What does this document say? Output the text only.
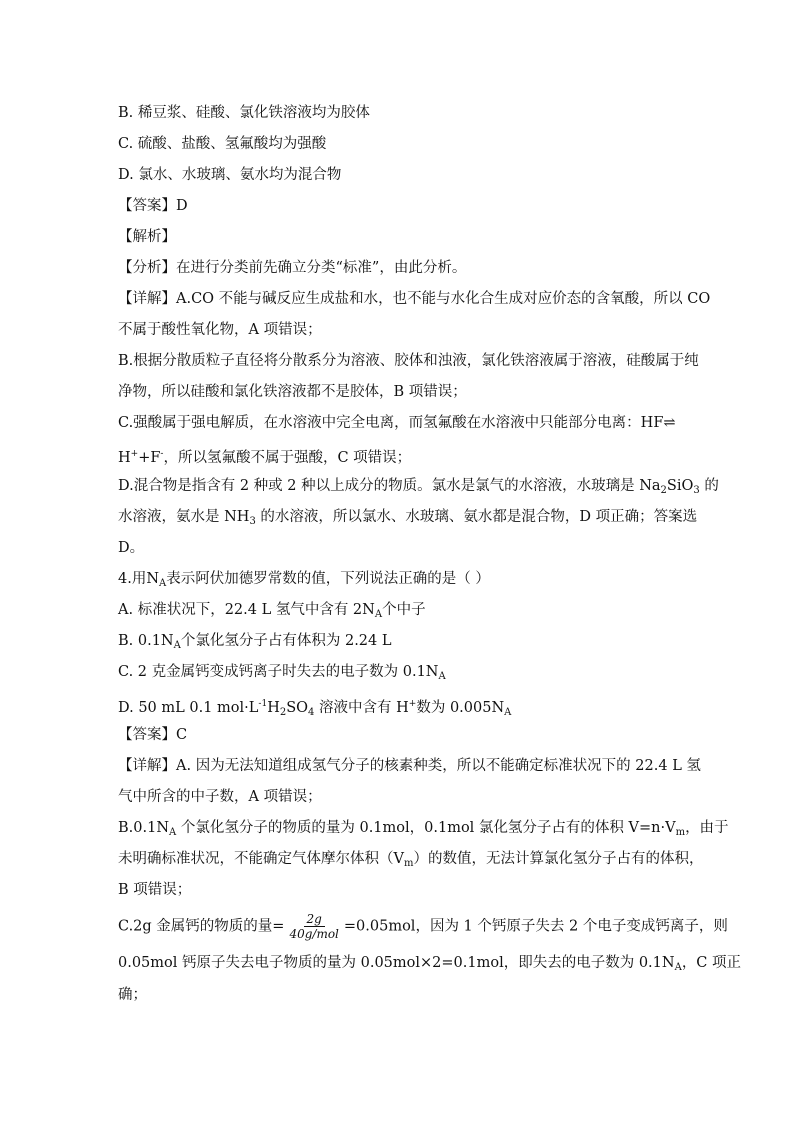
B. 稀豆浆、硅酸、氯化铁溶液均为胶体
C. 硫酸、盐酸、氢氟酸均为强酸
D. 氯水、水玻璃、氨水均为混合物
【答案】D
【解析】
【分析】在进行分类前先确立分类“标准”，由此分析。
【详解】A.CO 不能与碱反应生成盐和水，也不能与水化合生成对应价态的含氧酸，所以 CO
不属于酸性氧化物，A 项错误；
B.根据分散质粒子直径将分散系分为溶液、胶体和浊液，氯化铁溶液属于溶液，硅酸属于纯
净物，所以硅酸和氯化铁溶液都不是胶体，B 项错误；
C.强酸属于强电解质，在水溶液中完全电离，而氢氟酸在水溶液中只能部分电离：HF⇌
H++F-，所以氢氟酸不属于强酸，C 项错误；
D.混合物是指含有 2 种或 2 种以上成分的物质。氯水是氯气的水溶液，水玻璃是 $Na_2SiO_3$ 的
水溶液，氨水是 $NH_3$ 的水溶液，所以氯水、水玻璃、氨水都是混合物，D 项正确；答案选
D。
4.用$N_A$表示阿伏加德罗常数的值，下列说法正确的是（ ）
A. 标准状况下，22.4 L 氢气中含有 $2N_A$个中子
B. $0.1N_A$个氯化氢分子占有体积为 2.24 L
C. 2 克金属钙变成钙离子时失去的电子数为 $0.1N_A$
D. 50 mL 0.1 $mol\cdot L^{-1}H_2SO_4$ 溶液中含有 H+数为 $0.005N_A$
【答案】C
【详解】A. 因为无法知道组成氢气分子的核素种类，所以不能确定标准状况下的 22.4 L 氢
气中所含的中子数，A 项错误；
$B.0.1N_A$ 个氯化氢分子的物质的量为 0.1mol，0.1mol 氯化氢分子占有的体积 $V=n\cdot V_m$，由于
未明确标准状况，不能确定气体摩尔体积$(V_m)$的数值，无法计算氯化氢分子占有的体积，
B 项错误；
C.2g 金属钙的物质的量= $\frac{2g}{\text{40g/mol}} =0.05mol$，因为 1 个钙原子失去 2 个电子变成钙离子，则
0.05mol 钙原子失去电子物质的量为 0.05mol×2=0.1mol，即失去的电子数为 $0.1N_A$，C 项正
确；
